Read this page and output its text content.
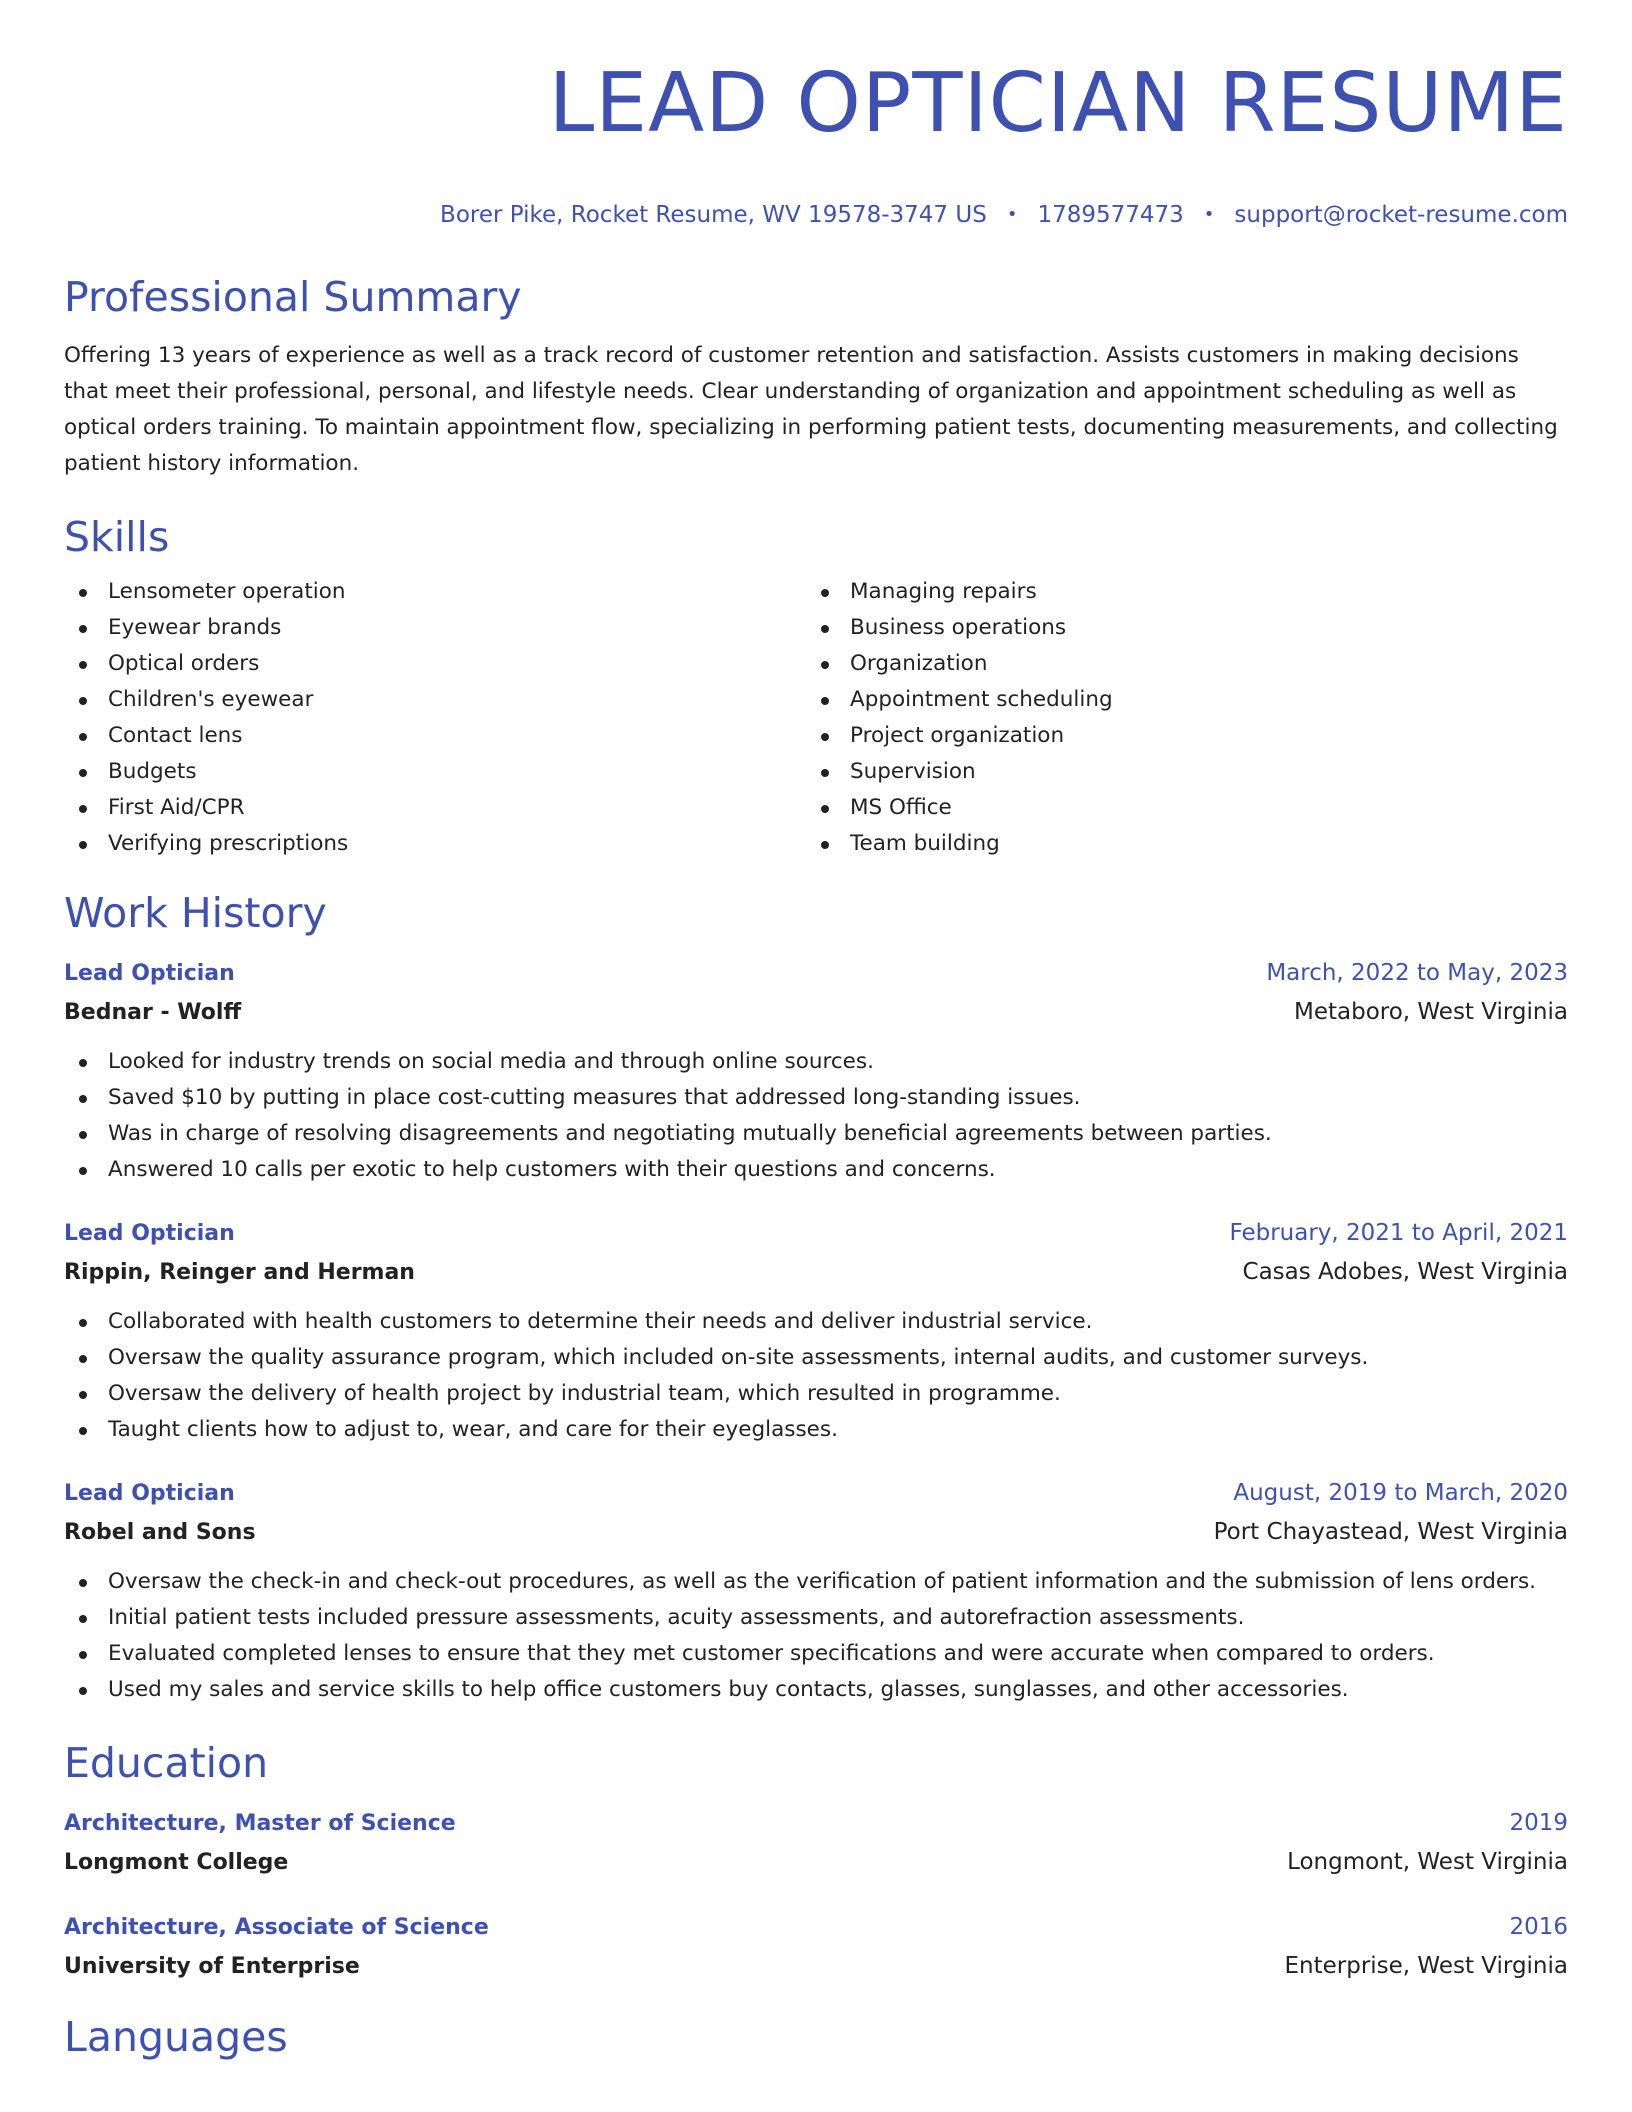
LEAD OPTICIAN RESUME
Borer Pike, Rocket Resume, WV 19578-3747 US • 1789577473 • support@rocket-resume.com
Professional Summary

Offering 13 years of experience as well as a track record of customer retention and satisfaction. Assists customers in making decisions that meet their professional, personal, and lifestyle needs. Clear understanding of organization and appointment scheduling as well as optical orders training. To maintain appointment flow, specializing in performing patient tests, documenting measurements, and collecting patient history information.

Skills
Lensometer operation
Eyewear brands
Optical orders
Children's eyewear
Contact lens
Budgets
First Aid/CPR
Verifying prescriptions
Managing repairs
Business operations
Organization
Appointment scheduling
Project organization
Supervision
MS Office
Team building
Work History
Lead Optician	March, 2022 to May, 2023
Bednar - Wolff	Metaboro, West Virginia
Looked for industry trends on social media and through online sources.
Saved $10 by putting in place cost-cutting measures that addressed long-standing issues.
Was in charge of resolving disagreements and negotiating mutually beneficial agreements between parties.
Answered 10 calls per exotic to help customers with their questions and concerns.
Lead Optician	February, 2021 to April, 2021
Rippin, Reinger and Herman	Casas Adobes, West Virginia
Collaborated with health customers to determine their needs and deliver industrial service.
Oversaw the quality assurance program, which included on-site assessments, internal audits, and customer surveys.
Oversaw the delivery of health project by industrial team, which resulted in programme.
Taught clients how to adjust to, wear, and care for their eyeglasses.
Lead Optician	August, 2019 to March, 2020
Robel and Sons	Port Chayastead, West Virginia
Oversaw the check-in and check-out procedures, as well as the verification of patient information and the submission of lens orders.
Initial patient tests included pressure assessments, acuity assessments, and autorefraction assessments.
Evaluated completed lenses to ensure that they met customer specifications and were accurate when compared to orders.
Used my sales and service skills to help office customers buy contacts, glasses, sunglasses, and other accessories.
Education
Architecture, Master of Science	2019
Longmont College	Longmont, West Virginia
Architecture, Associate of Science	2016
University of Enterprise	Enterprise, West Virginia
Languages
